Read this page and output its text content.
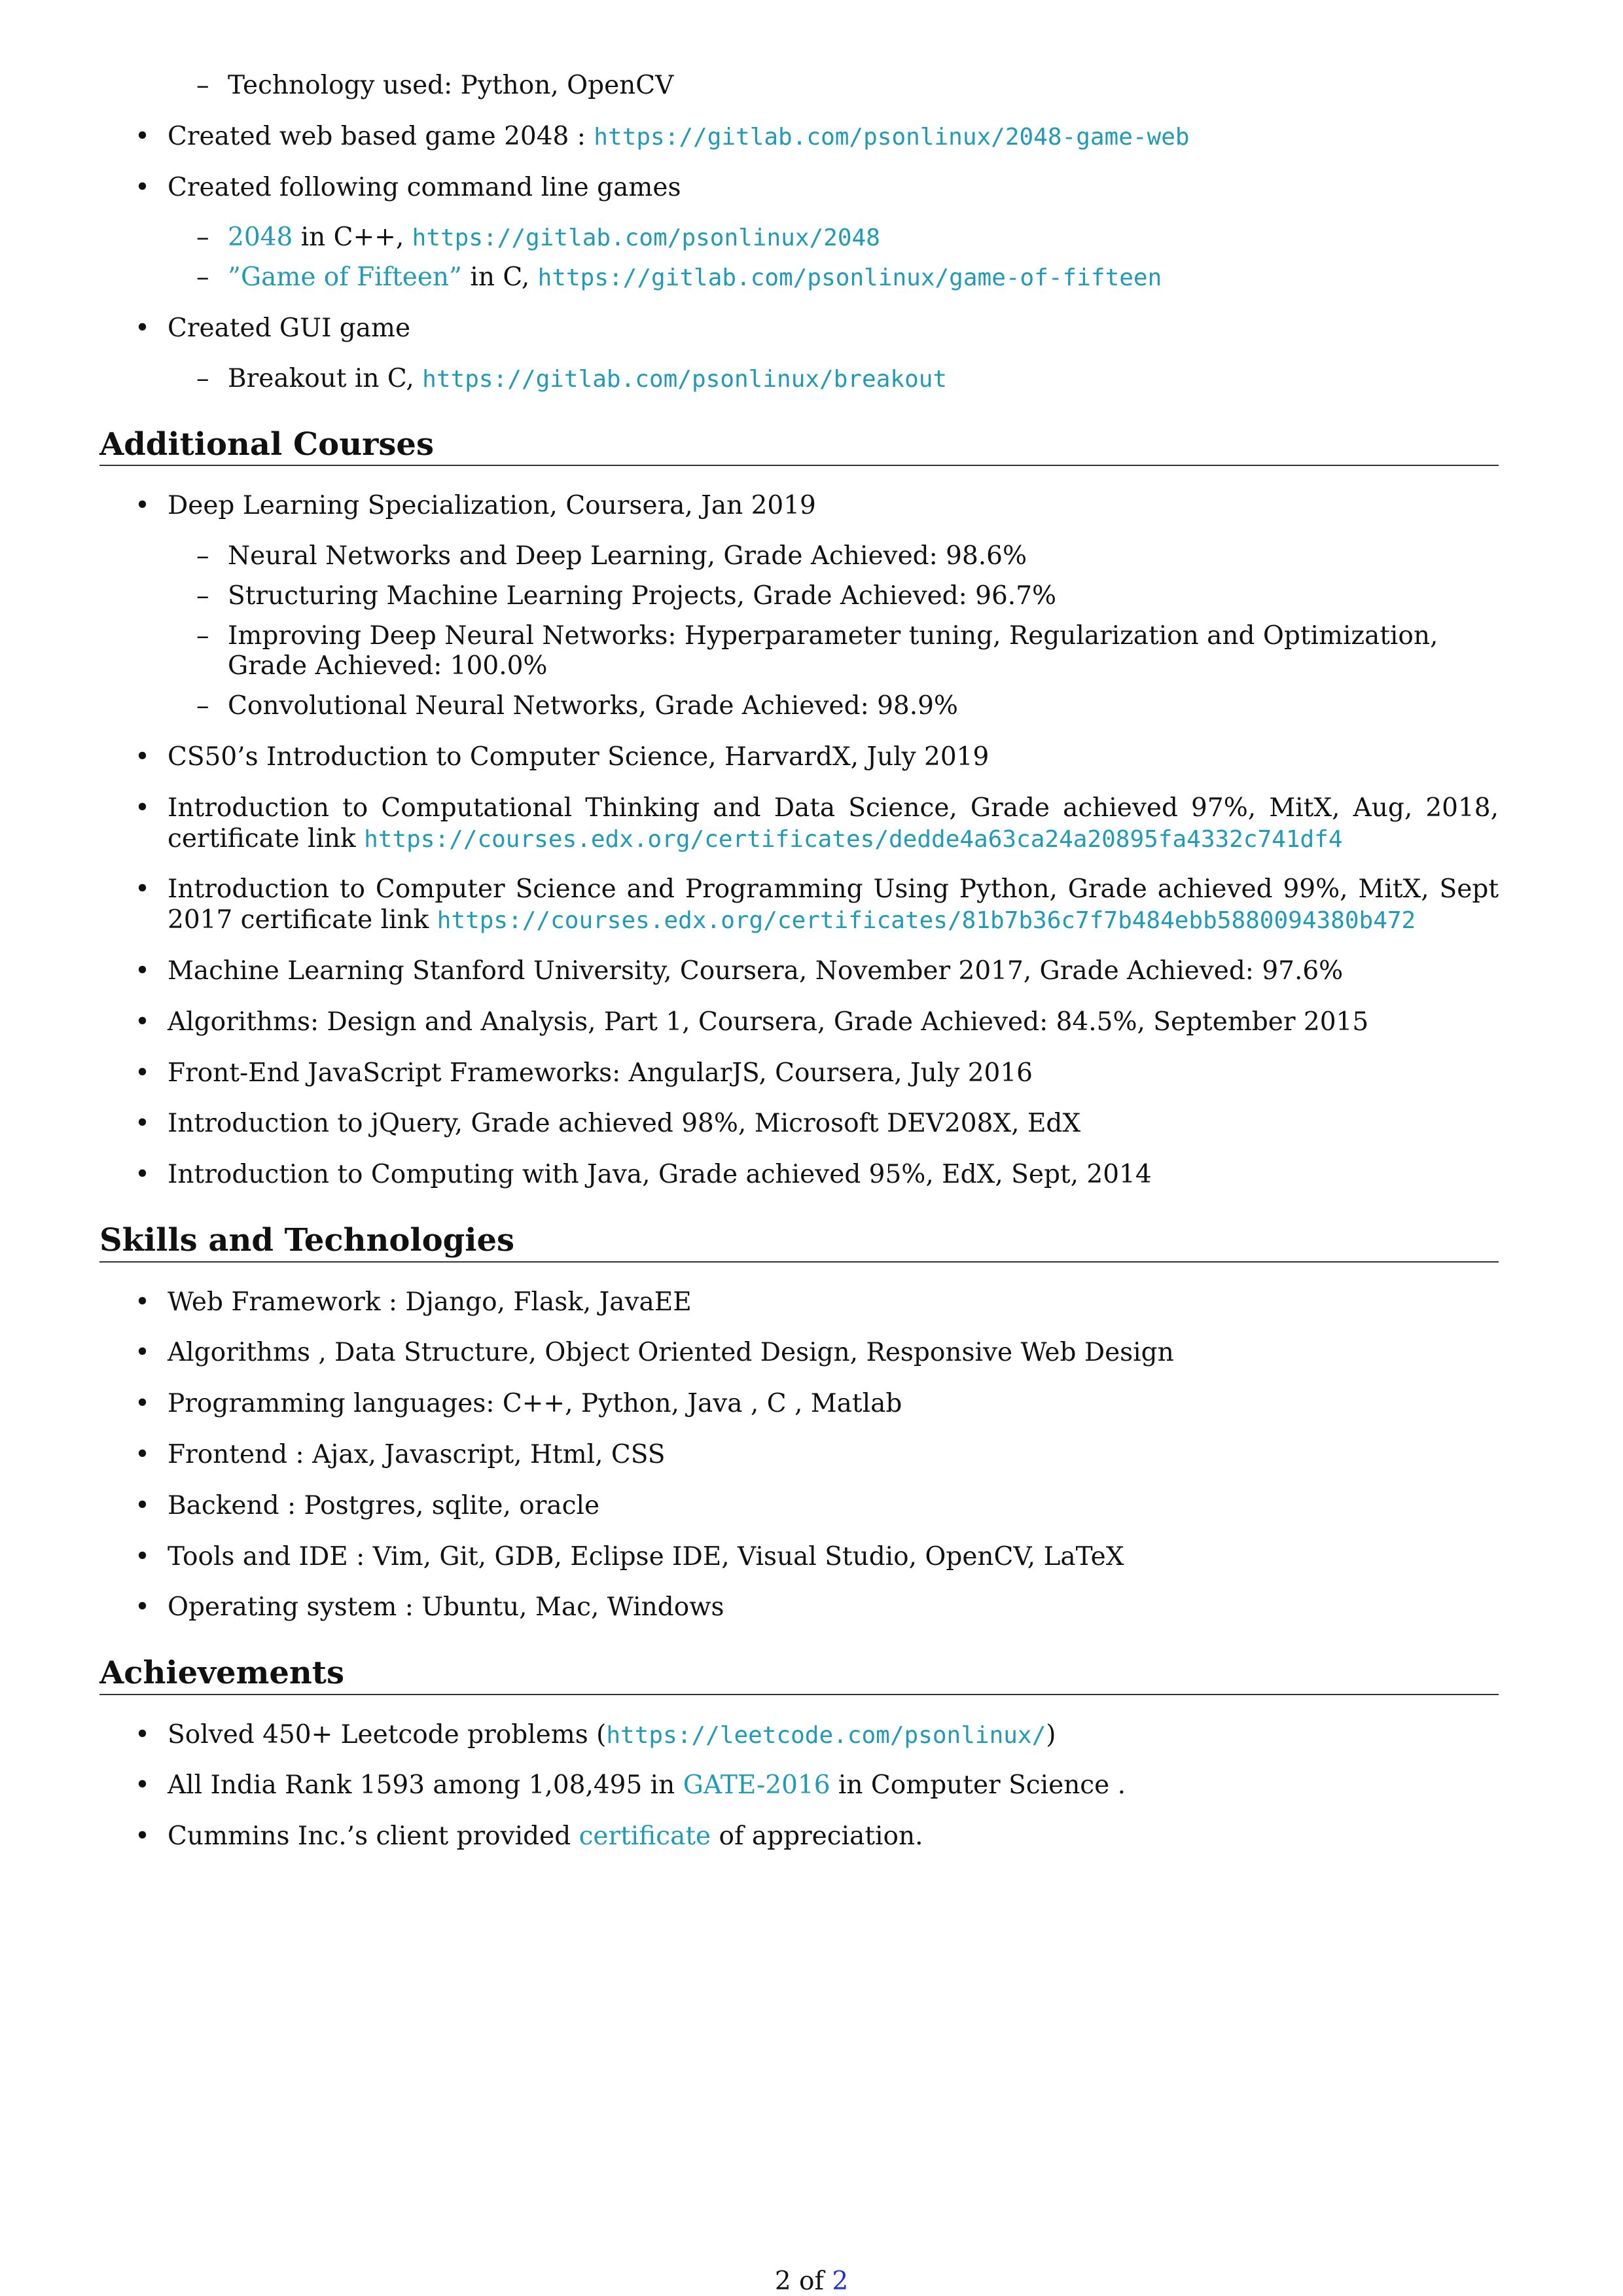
– Technology used: Python, OpenCV
• Created web based game 2048 : https://gitlab.com/psonlinux/2048-game-web
• Created following command line games
– 2048 in C++, https://gitlab.com/psonlinux/2048
– ”Game of Fifteen” in C, https://gitlab.com/psonlinux/game-of-fifteen
• Created GUI game
– Breakout in C, https://gitlab.com/psonlinux/breakout
Additional Courses
• Deep Learning Specialization, Coursera, Jan 2019
– Neural Networks and Deep Learning, Grade Achieved: 98.6%
– Structuring Machine Learning Projects, Grade Achieved: 96.7%
– Improving Deep Neural Networks: Hyperparameter tuning, Regularization and Optimization, Grade Achieved: 100.0%
– Convolutional Neural Networks, Grade Achieved: 98.9%
• CS50’s Introduction to Computer Science, HarvardX, July 2019
• Introduction to Computational Thinking and Data Science, Grade achieved 97%, MitX, Aug, 2018, certificate link https://courses.edx.org/certificates/dedde4a63ca24a20895fa4332c741df4
• Introduction to Computer Science and Programming Using Python, Grade achieved 99%, MitX, Sept 2017 certificate link https://courses.edx.org/certificates/81b7b36c7f7b484ebb5880094380b472
• Machine Learning Stanford University, Coursera, November 2017, Grade Achieved: 97.6%
• Algorithms: Design and Analysis, Part 1, Coursera, Grade Achieved: 84.5%, September 2015
• Front-End JavaScript Frameworks: AngularJS, Coursera, July 2016
• Introduction to jQuery, Grade achieved 98%, Microsoft DEV208X, EdX
• Introduction to Computing with Java, Grade achieved 95%, EdX, Sept, 2014
Skills and Technologies
• Web Framework : Django, Flask, JavaEE
• Algorithms , Data Structure, Object Oriented Design, Responsive Web Design
• Programming languages: C++, Python, Java , C , Matlab
• Frontend : Ajax, Javascript, Html, CSS
• Backend : Postgres, sqlite, oracle
• Tools and IDE : Vim, Git, GDB, Eclipse IDE, Visual Studio, OpenCV, LaTeX
• Operating system : Ubuntu, Mac, Windows
Achievements
• Solved 450+ Leetcode problems (https://leetcode.com/psonlinux/)
• All India Rank 1593 among 1,08,495 in GATE-2016 in Computer Science .
• Cummins Inc.’s client provided certificate of appreciation.
2 of 2
